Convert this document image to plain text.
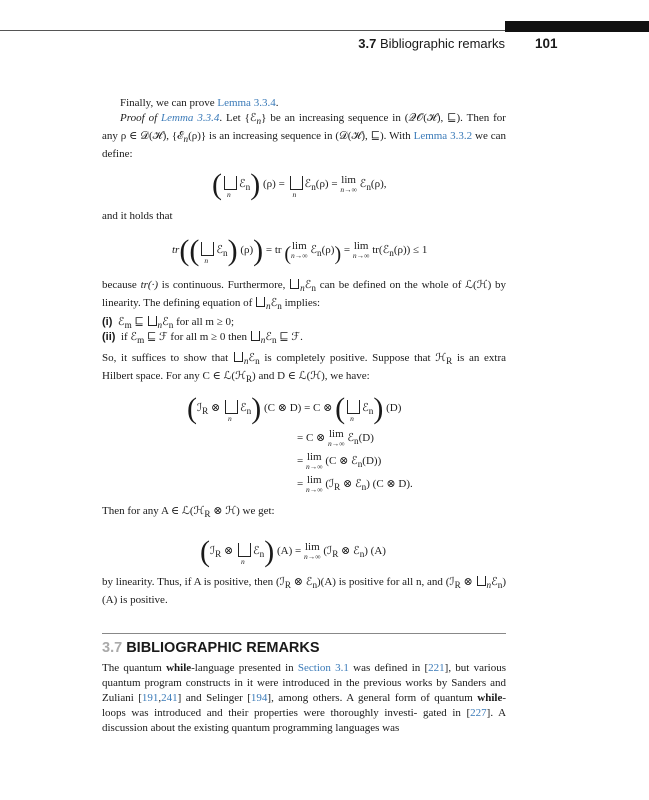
3.7 Bibliographic remarks 101
Finally, we can prove Lemma 3.3.4.
Proof of Lemma 3.3.4. Let {ℰ$_n$} be an increasing sequence in (𝒬𝒪(ℋ), ⊑). Then for any ρ ∈ 𝒟(ℋ), {ℰ$_n$(ρ)} is an increasing sequence in (𝒟(ℋ), ⊑). With Lemma 3.3.2 we can define:
( n
ℰ$_n$) (ρ) =
n
ℰ$_n$(ρ) = lim
n→∞ ℰ$_n$(ρ),
and it holds that
tr(( n
ℰ$_n$) (ρ)) = tr (lim
n→∞ ℰ$_n$(ρ)) = lim
n→∞ tr(ℰ$_n$(ρ)) ≤ 1
because tr(·) is continuous. Furthermore, $_n$ℰ$_n$ can be defined on the whole of ℒ(ℋ) by linearity. The defining equation of $_n$ℰ$_n$ implies:
(i) ℰ$_m$ ⊑ $_n$ℰ$_n$ for all m ≥ 0;
(ii) if ℰ$_m$ ⊑ ℱ for all m ≥ 0 then $_n$ℰ$_n$ ⊑ ℱ.
So, it suffices to show that $_n$ℰ$_n$ is completely positive. Suppose that ℋ$_R$ is an extra Hilbert space. For any C ∈ ℒ(ℋ$_R$) and D ∈ ℒ(ℋ), we have:
(ℐ$_R$ ⊗
n
ℰ$_n$) (C ⊗ D) = C ⊗ ( n
ℰ$_n$) (D)
= C ⊗ lim
n→∞ ℰ$_n$(D)
= lim
n→∞ (C ⊗ ℰ$_n$(D))
= lim
n→∞ (ℐ$_R$ ⊗ ℰ$_n$) (C ⊗ D).
Then for any A ∈ ℒ(ℋ$_R$ ⊗ ℋ) we get:
(ℐ$_R$ ⊗
n
ℰ$_n$) (A) = lim
n→∞ (ℐ$_R$ ⊗ ℰ$_n$) (A)
by linearity. Thus, if A is positive, then (ℐ$_R$ ⊗ ℰ$_n$)(A) is positive for all n, and (ℐ$_R$ ⊗ $_n$ℰ$_n$) (A) is positive.
3.7 BIBLIOGRAPHIC REMARKS
The quantum while-language presented in Section 3.1 was defined in [221], but various quantum program constructs in it were introduced in the previous works by Sanders and Zuliani [191,241] and Selinger [194], among others. A general form of quantum while-loops was introduced and their properties were thoroughly investi- gated in [227]. A discussion about the existing quantum programming languages was
